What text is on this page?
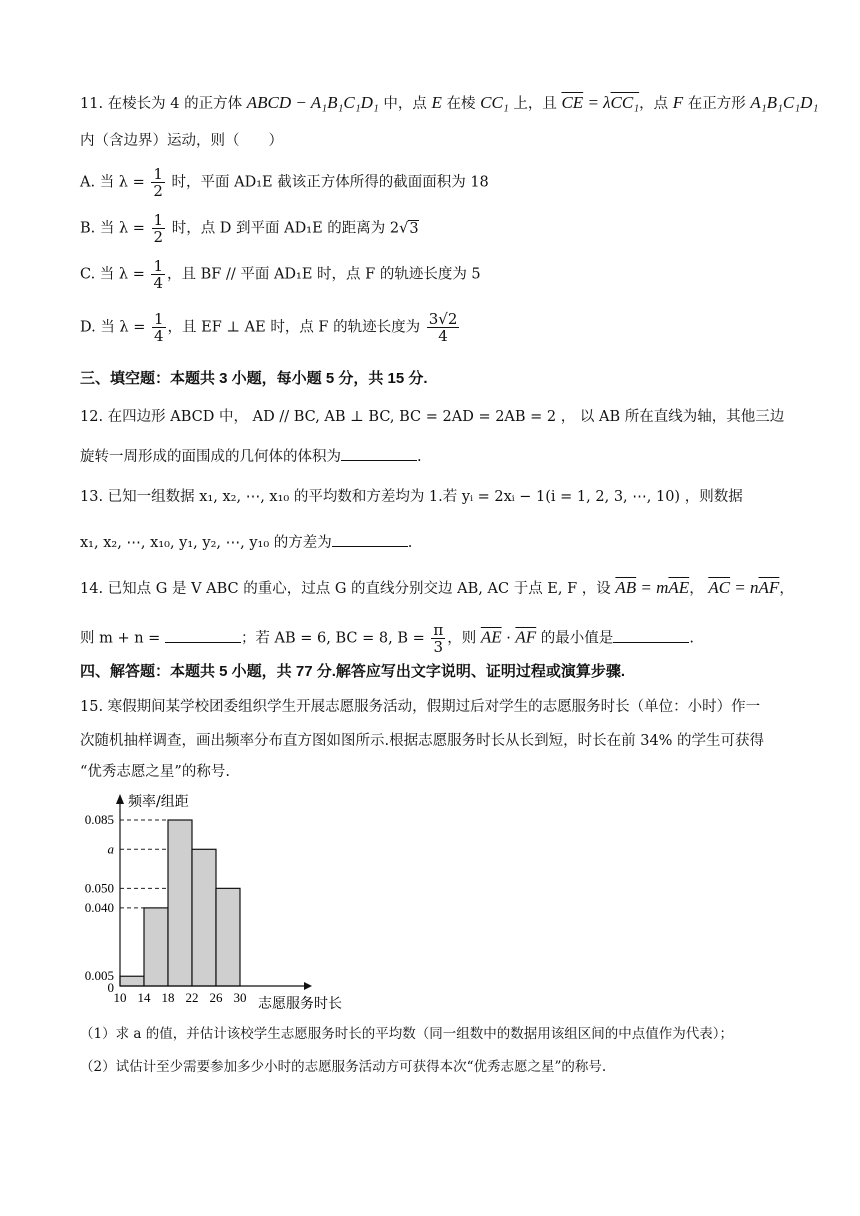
11. 在棱长为 4 的正方体 ABCD − A₁B₁C₁D₁ 中，点 E 在棱 CC₁ 上，且 $\overline{CE} = \lambda CC_1$，点 F 在正方形 A₁B₁C₁D₁
内（含边界）运动，则（　　）
A. 当 $\lambda = \frac{1}{2}$ 时，平面 AD₁E 截该正方体所得的截面面积为 18
B. 当 $\lambda = \frac{1}{2}$ 时，点 D 到平面 AD₁E 的距离为 2√3
C. 当 $\lambda = \frac{1}{4}$ ，且 BF // 平面 AD₁E 时，点 F 的轨迹长度为 5
D. 当 $\lambda = \frac{1}{4}$ ，且 EF ⊥ AE 时，点 F 的轨迹长度为 $\frac{3√2}{4}$
三、填空题：本题共 3 小题，每小题 5 分，共 15 分.
12. 在四边形 ABCD 中， AD // BC, AB ⊥ BC, BC = 2AD = 2AB = 2 ， 以 AB 所在直线为轴，其他三边
旋转一周形成的面围成的几何体的体积为	.
13. 已知一组数据 x₁, x₂, ⋯, x₁₀ 的平均数和方差均为 1.若 yᵢ = 2xᵢ − 1(i = 1, 2, 3, ⋯, 10) ，则数据
x₁, x₂, ⋯, x₁₀, y₁, y₂, ⋯, y₁₀ 的方差为	.
14. 已知点 G 是 V ABC 的重心，过点 G 的直线分别交边 AB, AC 于点 E, F ，设 $\overline{AB} = m\overline{AE}$， $\overline{AC} = n\overline{AF}$，
则 m + n =	；若 AB = 6, BC = 8, $B = \frac{\pi}{3}$ ，则 $\overline{AE} \cdot \overline{AF}$ 的最小值是	.
四、解答题：本题共 5 小题，共 77 分.解答应写出文字说明、证明过程或演算步骤.
15. 寒假期间某学校团委组织学生开展志愿服务活动，假期过后对学生的志愿服务时长（单位：小时）作一
次随机抽样调查，画出频率分布直方图如图所示.根据志愿服务时长从长到短，时长在前 34% 的学生可获得
“优秀志愿之星”的称号.
频率/组距
志愿服务时长
0
0.005
0.040
0.050
a
0.085
10 14 18 22 26 30
（1）求 a 的值，并估计该校学生志愿服务时长的平均数（同一组数中的数据用该组区间的中点值作为代表）；
（2）试估计至少需要参加多少小时的志愿服务活动方可获得本次“优秀志愿之星”的称号.
